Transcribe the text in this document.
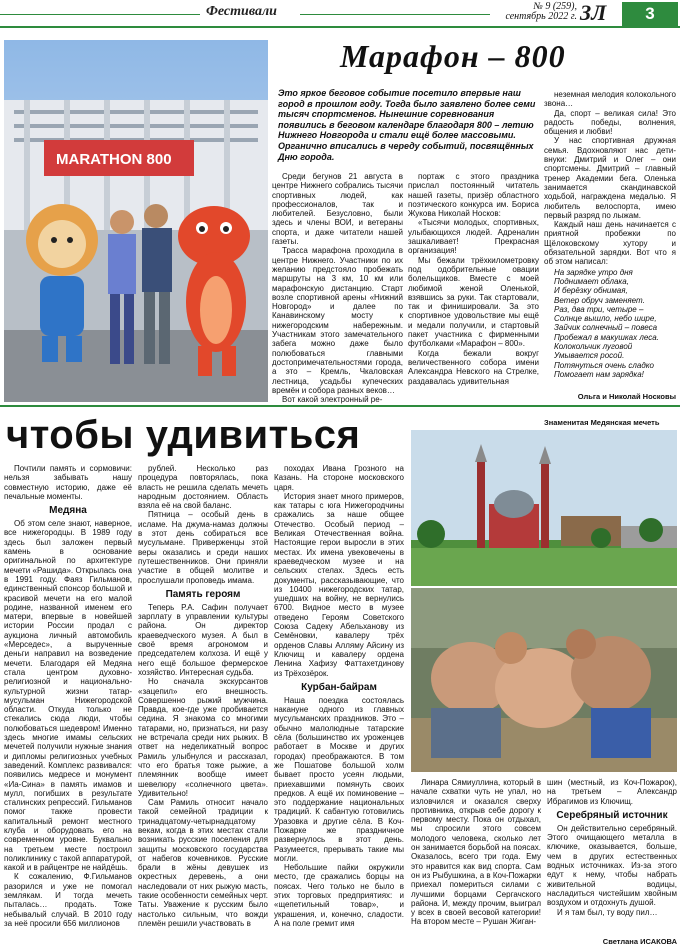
Фестивали	№ 9 (259),
сентябрь 2022 г. ЗЛ	3
MARATHON 800
Марафон – 800
Это яркое беговое событие посетило впервые наш город в прошлом году. Тогда было заявлено более семи тысяч спортсменов. Нынешние соревнования появились в беговом календаре благодаря 800 – летию Нижнего Новгорода и стали ещё более массовыми. Органично вписались в череду событий, посвящённых Дню города.

Среди бегунов 21 августа в центре Нижнего собрались тысячи спортивных людей, как профессионалов, так и любителей. Безусловно, были здесь и члены ВОИ, и ветераны спорта, и даже читатели нашей газеты.

Трасса марафона проходила в центре Нижнего. Участники по их желанию предстояло пробежать маршруты на 3 км, 10 км или марафонскую дистанцию. Старт возле спортивной арены «Нижний Новгород» и далее по Канавинскому мосту к нижегородским набережным. Участникам этого замечательного забега можно даже было полюбоваться главными достопримечательностями города, а это – Кремль, Чкаловская лестница, усадьбы купеческих времён и собора разных веков…

Вот какой электронный ре-

портаж с этого праздника прислал постоянный читатель нашей газеты, призёр областного поэтического конкурса им. Бориса Жукова Николай Носков:

«Тысячи молодых, спортивных, улыбающихся людей. Адреналин зашкаливает! Прекрасная организация!

Мы бежали трёхкилометровку под одобрительные овации болельщиков. Вместе с моей любимой женой Оленькой, взявшись за руки. Так стартовали, так и финишировали. За это спортивное удовольствие мы ещё и медали получили, и стартовый пакет участника с фирменными футболками «Марафон – 800».

Когда бежали вокруг величественного собора имени Александра Невского на Стрелке, раздавалась удивительная

неземная мелодия колокольного звона…

Да, спорт – великая сила! Это радость победы, волнения, общения и любви!

У нас спортивная дружная семья. Вдохновляют нас дети-внуки: Дмитрий и Олег – они спортсмены. Дмитрий – главный тренер Академии бега. Оленька занимается скандинавской ходьбой, награждена медалью. Я любитель велоспорта, имею первый разряд по лыжам.

Каждый наш день начинается с приятной пробежки по Щёлоковскому хутору и обязательной зарядки. Вот что я об этом написал:

На зарядке утро дня
Поднимает облака,
И берёзку обнимая,
Ветер обруч заменяет.
Раз, два три, четыре –
Солнце вышло, небо шире,
Зайчик солнечный – повеса
Пробежал в макушках леса.
Колокольчик луговой
Умывается росой.
Потянуться очень сладко
Помогает нам зарядка!
Ольга и Николай Носковы
чтобы удивиться	Знаменитая Медянская мечеть

Почтили память и сормовичи: нельзя забывать нашу совместную историю, даже её печальные моменты.

Медяна

Об этом селе знают, наверное, все нижегородцы. В 1989 году здесь был заложен первый камень в основание оригинальной по архитектуре мечети «Рашида». Открылась она в 1991 году. Фаяз Гильманов, единственный спонсор большой и красивой мечети на его малой родине, названной именем его матери, впервые в новейшей истории России продал с аукциона личный автомобиль «Мерседес», а вырученные деньги направил на возведение мечети. Благодаря ей Медяна стала центром духовно-религиозной и национально-культурной жизни татар-мусульман Нижегородской области. Откуда только не стекались сюда люди, чтобы полюбоваться шедевром! Именно здесь многие имамы сельских мечетей получили нужные знания и дипломы религиозных учебных заведений. Комплекс развивался: появились медресе и монумент «Иа-Сина» в память имамов и мулл, погибших в результате сталинских репрессий. Гильманов помог также провести капитальный ремонт местного клуба и оборудовать его на современном уровне. Буквально на третьем месте построил поликлинику с такой аппаратурой, какой и в райцентре не найдёшь.

К сожалению, Ф.Гильманов разорился и уже не помогал землякам. И тогда мечеть пыталась… продать. Тоже небывалый случай. В 2010 году за неё просили 656 миллионов

рублей. Несколько раз процедура повторялась, пока власть не решила сделать мечеть народным достоянием. Область взяла её на свой баланс.

Пятница – особый день в исламе. На джума-намаз должны в этот день собираться все мусульмане. Приверженцы этой веры оказались и среди наших путешественников. Они приняли участие в общей молитве и прослушали проповедь имама.

Память героям

Теперь Р.А. Сафин получает зарплату в управлении культуры района. Он директор краеведческого музея. А был в своё время агрономом и председателем колхоза. И ещё у него ещё большое фермерское хозяйство. Интересная судьба.

Но сначала экскурсантов «зацепил» его внешность. Совершенно рыжий мужчина. Правда, кое-где уже пробивается седина. Я знакома со многими татарами, но, признаться, ни разу не встречала среди них рыжих. В ответ на неделикатный вопрос Рамиль улыбнулся и рассказал, что его братья тоже рыжие, а племянник вообще имеет шевелюру «солнечного цвета». Удивительно!

Сам Рамиль относит начало такой семейной традиции к тринадцатому-четырнадцатому векам, когда в этих местах стали возникать русские поселения для защиты московского государства от набегов кочевников. Русские брали в жёны девушек из окрестных деревень, а они наследовали от них рыжую масть, такие особенности семейных черт. Таты. Уважение к русским было настолько сильным, что вожди племён решили участвовать в

походах Ивана Грозного на Казань. На стороне московского царя.

История знает много примеров, как татары с юга Нижегородчины сражались за наше общее Отечество. Особый период – Великая Отечественная война. Настоящие герои выросли в этих местах. Их имена увековечены в краеведческом музее и на сельских стелах. Здесь есть документы, рассказывающие, что из 10400 нижегородских татар, ушедших на войну, не вернулись 6700. Видное место в музее отведено Героям Советского Союза Садеку Абельханову из Семёновки, кавалеру трёх орденов Славы Алляму Айсину из Ключищ и кавалеру ордена Ленина Хафизу Фаттахетдинову из Трёхозёрок.

Курбан-байрам

Наша поездка состоялась накануне одного из главных мусульманских праздников. Это – обычно малолюдные татарские сёла (большинство их уроженцев работает в Москве и других городах) преображаются. В том же Пошатове большой холм бывает просто усеян людьми, приехавшими помянуть своих предков. А ещё их поминовение – это поддержание национальных традиций. К сабантую готовились Уразовка и другие сёла. В Коч-Пожарке же праздничное развернулось в этот день. Разумеется, прерывать такие мы могли.

Небольшие пайки окружили место, где сражались борцы на поясах. Чего только не было в этих торговых предприятиях: и «щепетильный товар», и украшения, и, конечно, сладости. А на поле гремит имя

Линара Сямиуллина, который в начале схватки чуть не упал, но изловчился и оказался сверху противника, открыв себе дорогу к первому месту. Пока он отдыхал, мы спросили этого совсем молодого человека, сколько лет он занимается борьбой на поясах. Оказалось, всего три года. Ему это нравится как вид спорта. Сам он из Рыбушкина, а в Коч-Пожарки приехал помериться силами с лучшими борцами Сергачского района. И, между прочим, выиграл у всех в своей весовой категории! На втором месте – Рушан Жиган-

шин (местный, из Коч-Пожарок), на третьем – Александр Ибрагимов из Ключищ.

Серебряный источник

Он действительно серебряный. Этого очищающего металла в ключике, оказывается, больше, чем в других естественных водных источниках. Из-за этого едут к нему, чтобы набрать живительной водицы, насладиться чистейшим хвойным воздухом и отдохнуть душой.

И я там был, ту воду пил…

Светлана ИСАКОВА
